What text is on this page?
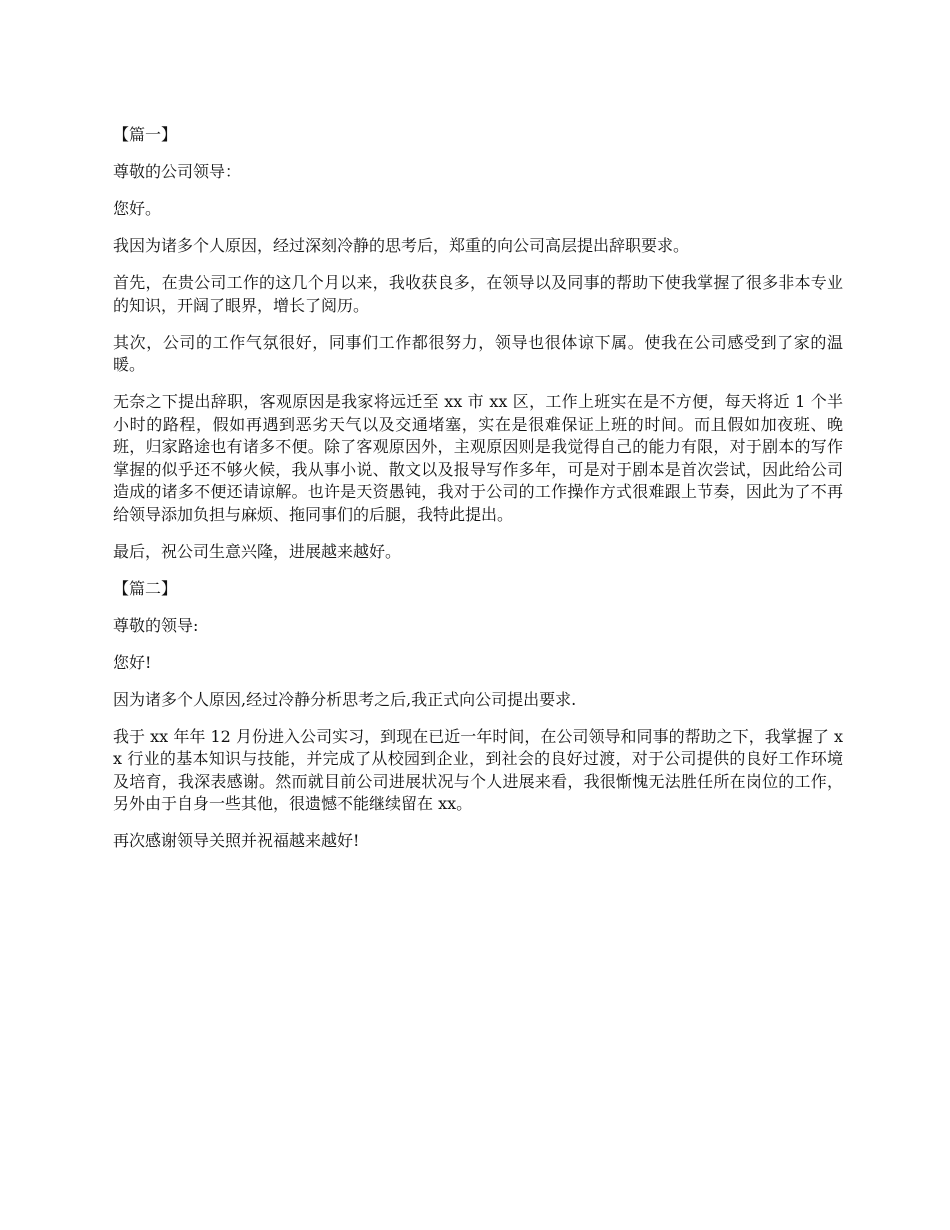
【篇一】

尊敬的公司领导：

您好。

我因为诸多个人原因，经过深刻冷静的思考后，郑重的向公司高层提出辞职要求。

首先，在贵公司工作的这几个月以来，我收获良多，在领导以及同事的帮助下使我掌握了很多非本专业的知识，开阔了眼界，增长了阅历。

其次，公司的工作气氛很好，同事们工作都很努力，领导也很体谅下属。使我在公司感受到了家的温暖。

无奈之下提出辞职，客观原因是我家将远迁至 xx 市 xx 区，工作上班实在是不方便，每天将近 1 个半小时的路程，假如再遇到恶劣天气以及交通堵塞，实在是很难保证上班的时间。而且假如加夜班、晚班，归家路途也有诸多不便。除了客观原因外，主观原因则是我觉得自己的能力有限，对于剧本的写作掌握的似乎还不够火候，我从事小说、散文以及报导写作多年，可是对于剧本是首次尝试，因此给公司造成的诸多不便还请谅解。也许是天资愚钝，我对于公司的工作操作方式很难跟上节奏，因此为了不再给领导添加负担与麻烦、拖同事们的后腿，我特此提出。

最后，祝公司生意兴隆，进展越来越好。

【篇二】

尊敬的领导:

您好!

因为诸多个人原因,经过冷静分析思考之后,我正式向公司提出要求.

我于 xx 年年 12 月份进入公司实习，到现在已近一年时间，在公司领导和同事的帮助之下，我掌握了 xx 行业的基本知识与技能，并完成了从校园到企业，到社会的良好过渡，对于公司提供的良好工作环境及培育，我深表感谢。然而就目前公司进展状况与个人进展来看，我很惭愧无法胜任所在岗位的工作，另外由于自身一些其他，很遗憾不能继续留在 xx。

再次感谢领导关照并祝福越来越好!
